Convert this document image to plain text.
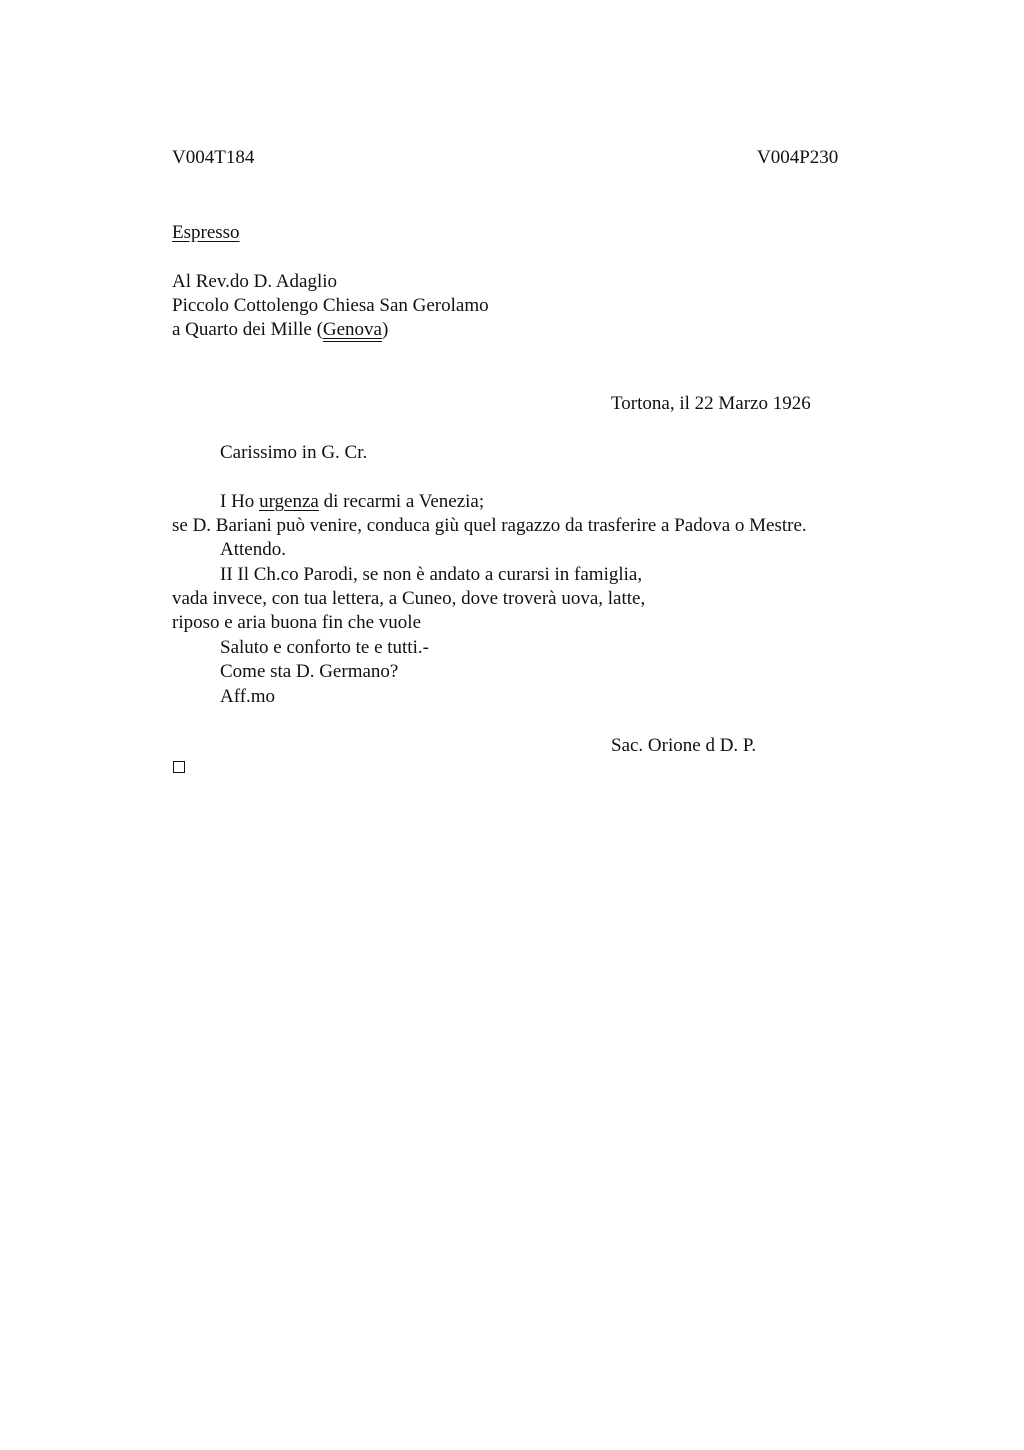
V004T184	V004P230
Espresso
Al Rev.do D. Adaglio
Piccolo Cottolengo Chiesa San Gerolamo
a Quarto dei Mille (Genova)
Tortona, il 22 Marzo 1926
Carissimo in G. Cr.
I Ho urgenza di recarmi a Venezia;
se D. Bariani può venire, conduca giù quel ragazzo da trasferire a Padova o Mestre.
Attendo.
II Il Ch.co Parodi, se non è andato a curarsi in famiglia,
vada invece, con tua lettera, a Cuneo, dove troverà uova, latte,
riposo e aria buona fin che vuole
Saluto e conforto te e tutti.-
Come sta D. Germano?
Aff.mo
Sac. Orione d D. P.
